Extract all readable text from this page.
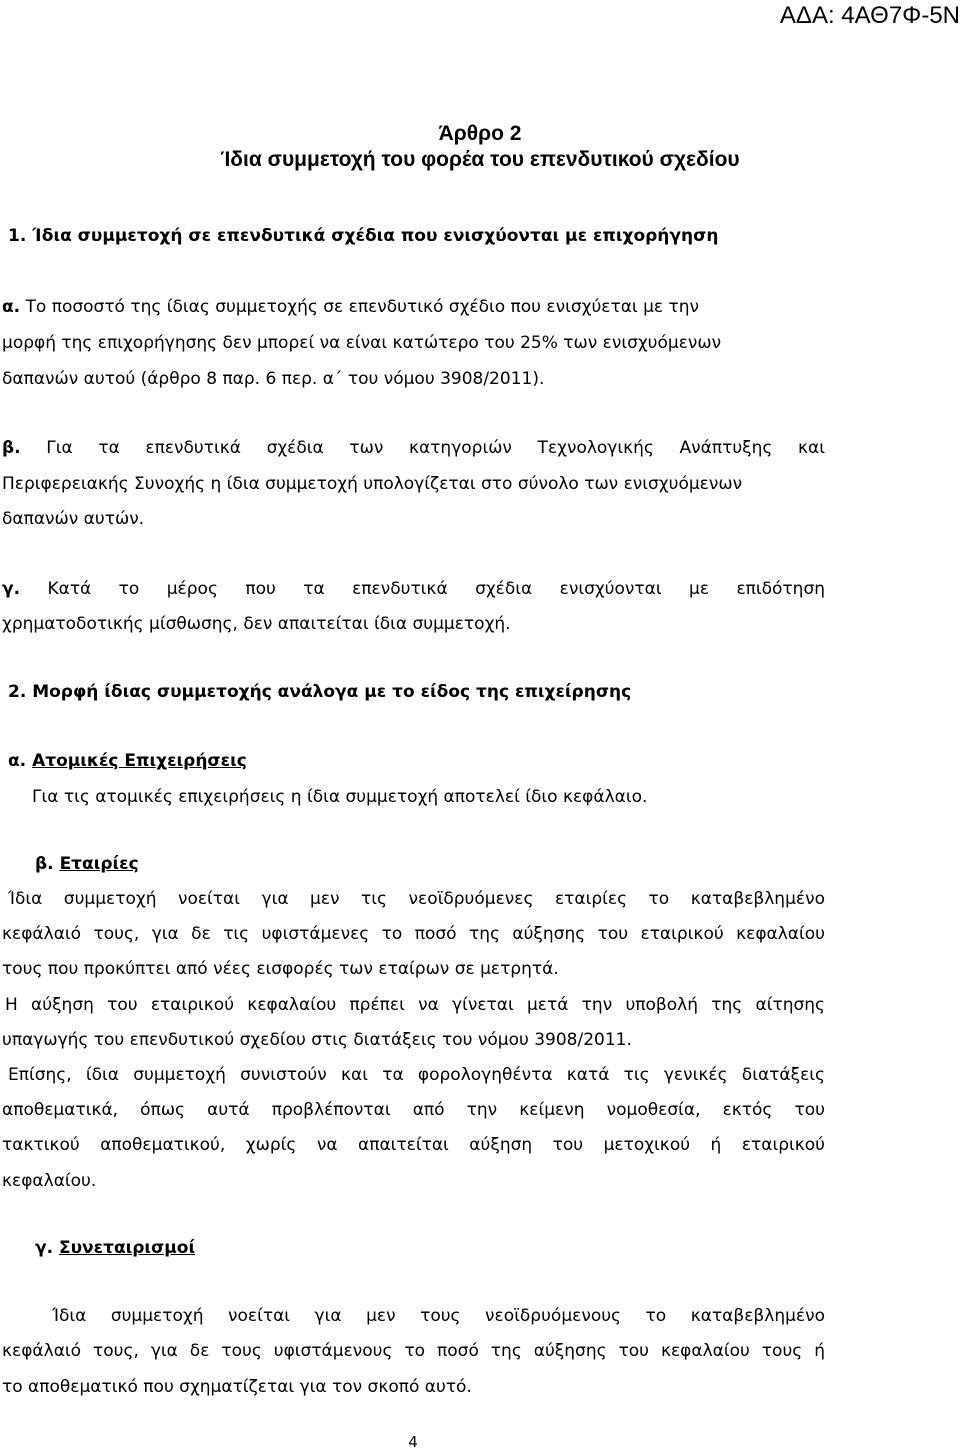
ΑΔΑ: 4ΑΘ7Φ-5Ν
Άρθρο 2
Ίδια συμμετοχή του φορέα του επενδυτικού σχεδίου
1. Ίδια συμμετοχή σε επενδυτικά σχέδια που ενισχύονται με επιχορήγηση
α. Το ποσοστό της ίδιας συμμετοχής σε επενδυτικό σχέδιο που ενισχύεται με την
μορφή της επιχορήγησης δεν μπορεί να είναι κατώτερο του 25% των ενισχυόμενων
δαπανών αυτού (άρθρο 8 παρ. 6 περ. α΄ του νόμου 3908/2011).
β. Για τα επενδυτικά σχέδια των κατηγοριών Τεχνολογικής Ανάπτυξης και
Περιφερειακής Συνοχής η ίδια συμμετοχή υπολογίζεται στο σύνολο των ενισχυόμενων
δαπανών αυτών.
γ. Κατά το μέρος που τα επενδυτικά σχέδια ενισχύονται με επιδότηση
χρηματοδοτικής μίσθωσης, δεν απαιτείται ίδια συμμετοχή.
2. Μορφή ίδιας συμμετοχής ανάλογα με το είδος της επιχείρησης
α. Ατομικές Επιχειρήσεις
Για τις ατομικές επιχειρήσεις η ίδια συμμετοχή αποτελεί ίδιο κεφάλαιο.
β. Εταιρίες
Ίδια συμμετοχή νοείται για μεν τις νεοϊδρυόμενες εταιρίες το καταβεβλημένο
κεφάλαιό τους, για δε τις υφιστάμενες το ποσό της αύξησης του εταιρικού κεφαλαίου
τους που προκύπτει από νέες εισφορές των εταίρων σε μετρητά.
Η αύξηση του εταιρικού κεφαλαίου πρέπει να γίνεται μετά την υποβολή της αίτησης
υπαγωγής του επενδυτικού σχεδίου στις διατάξεις του νόμου 3908/2011.
Επίσης, ίδια συμμετοχή συνιστούν και τα φορολογηθέντα κατά τις γενικές διατάξεις
αποθεματικά, όπως αυτά προβλέπονται από την κείμενη νομοθεσία, εκτός του
τακτικού αποθεματικού, χωρίς να απαιτείται αύξηση του μετοχικού ή εταιρικού
κεφαλαίου.
γ. Συνεταιρισμοί
Ίδια συμμετοχή νοείται για μεν τους νεοϊδρυόμενους το καταβεβλημένο
κεφάλαιό τους, για δε τους υφιστάμενους το ποσό της αύξησης του κεφαλαίου τους ή
το αποθεματικό που σχηματίζεται για τον σκοπό αυτό.
4
